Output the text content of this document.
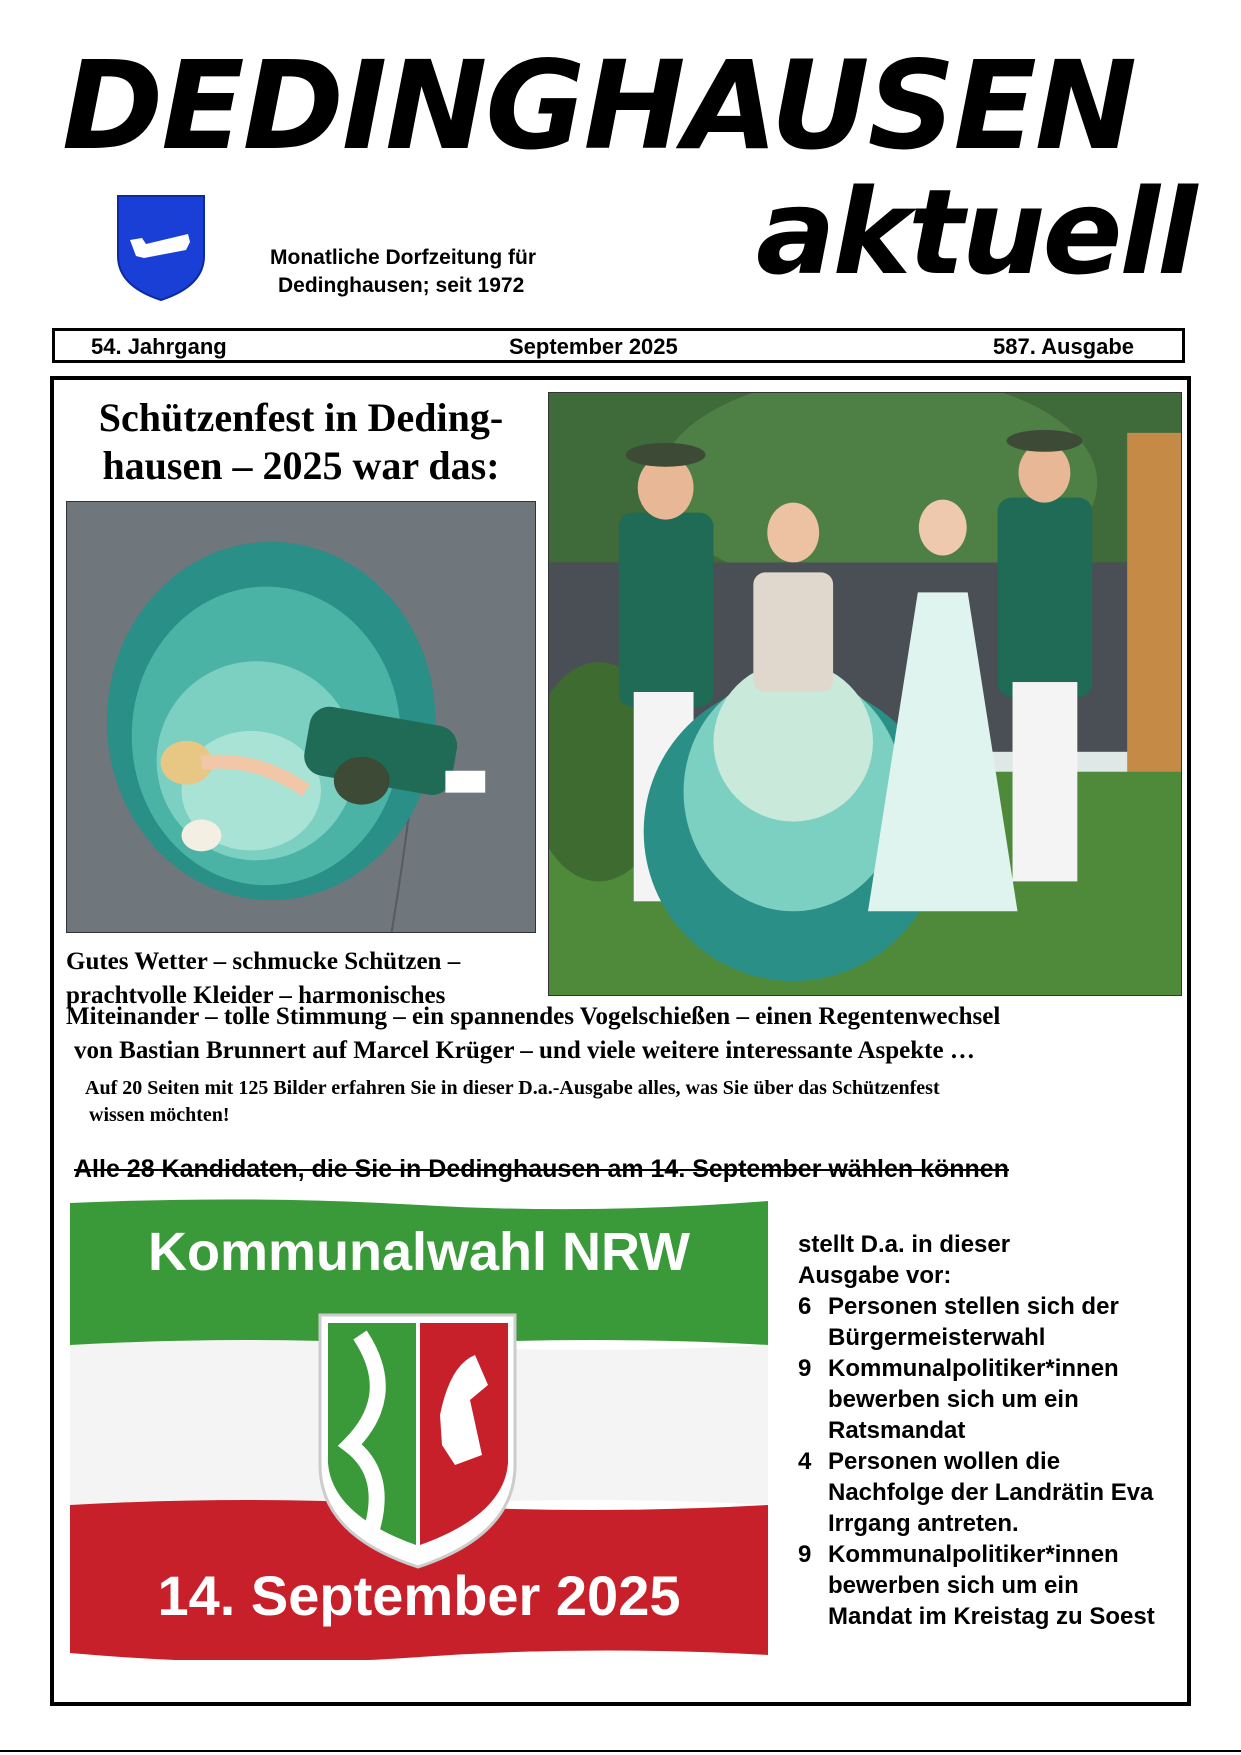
DEDINGHAUSEN
aktuell
Monatliche Dorfzeitung für
Dedinghausen; seit 1972
54. Jahrgang	September 2025	587. Ausgabe
Schützenfest in Deding-
hausen – 2025 war das:
Gutes Wetter – schmucke Schützen – prachtvolle Kleider – harmonisches
Miteinander – tolle Stimmung – ein spannendes Vogelschießen – einen Regentenwechsel
von Bastian Brunnert auf Marcel Krüger – und viele weitere interessante Aspekte …
Auf 20 Seiten mit 125 Bilder erfahren Sie in dieser D.a.-Ausgabe alles, was Sie über das Schützenfest
wissen möchten!
Alle 28 Kandidaten, die Sie in Dedinghausen am 14. September wählen können
Kommunalwahl NRW
14. September 2025
stellt D.a. in dieser
Ausgabe vor:
6 Personen stellen sich der Bürgermeisterwahl
9 Kommunalpolitiker*innen bewerben sich um ein Ratsmandat
4 Personen wollen die Nachfolge der Landrätin Eva Irrgang antreten.
9 Kommunalpolitiker*innen bewerben sich um ein Mandat im Kreistag zu Soest
